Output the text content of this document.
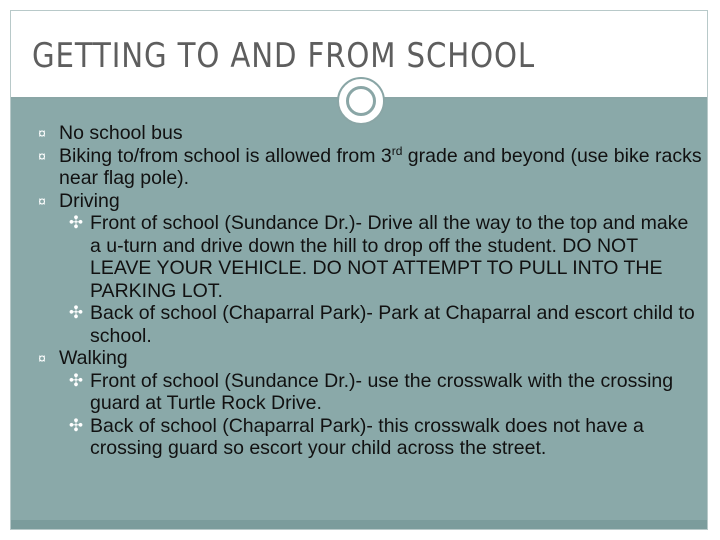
GETTING TO AND FROM SCHOOL
¤ No school bus
¤ Biking to/from school is allowed from 3rd grade and beyond (use bike racks near flag pole).
¤ Driving
✣ Front of school (Sundance Dr.)- Drive all the way to the top and make a u-turn and drive down the hill to drop off the student. DO NOT LEAVE YOUR VEHICLE. DO NOT ATTEMPT TO PULL INTO THE PARKING LOT.
✣ Back of school (Chaparral Park)- Park at Chaparral and escort child to school.
¤ Walking
✣ Front of school (Sundance Dr.)- use the crosswalk with the crossing guard at Turtle Rock Drive.
✣ Back of school (Chaparral Park)- this crosswalk does not have a crossing guard so escort your child across the street.
